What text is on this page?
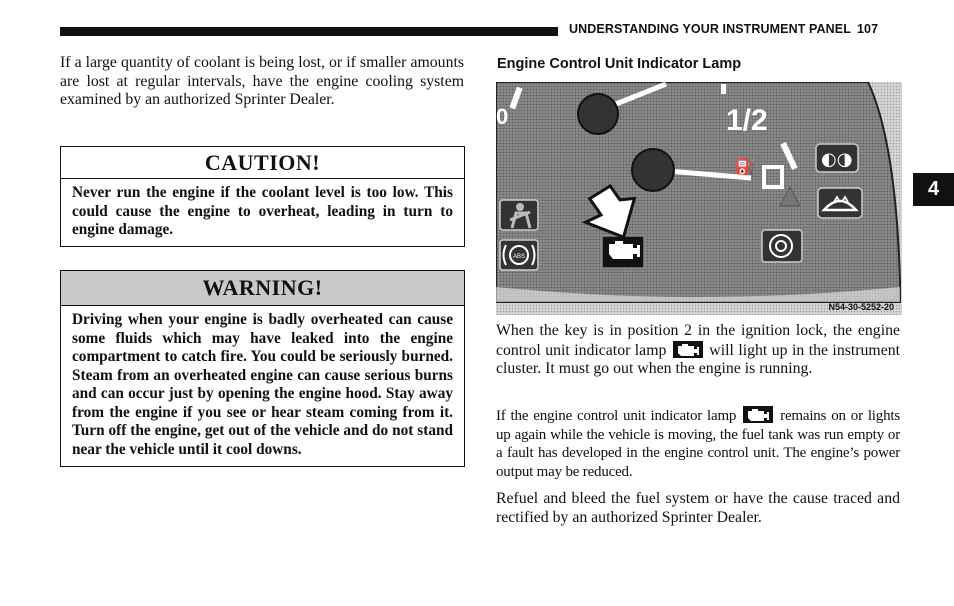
UNDERSTANDING YOUR INSTRUMENT PANEL 107

If a large quantity of coolant is being lost, or if smaller amounts are lost at regular intervals, have the engine cooling system examined by an authorized Sprinter Dealer.

CAUTION!
Never run the engine if the coolant level is too low. This could cause the engine to overheat, leading in turn to engine damage.
WARNING!
Driving when your engine is badly overheated can cause some fluids which may have leaked into the engine compartment to catch fire. You could be seriously burned. Steam from an overheated engine can cause serious burns and can occur just by opening the engine hood. Stay away from the engine if you see or hear steam coming from it. Turn off the engine, get out of the vehicle and do not stand near the vehicle until it cool downs.
Engine Control Unit Indicator Lamp
1/2
0
⛽	◐◑
ABS
N54-30-5252-20
When the key is in position 2 in the ignition lock, the engine control unit indicator lamp	will light up in the instrument cluster. It must go out when the engine is running.
If the engine control unit indicator lamp	remains on or lights up again while the vehicle is moving, the fuel tank was run empty or a fault has developed in the engine control unit. The engine’s power output may be reduced.
Refuel and bleed the fuel system or have the cause traced and rectified by an authorized Sprinter Dealer.
4
